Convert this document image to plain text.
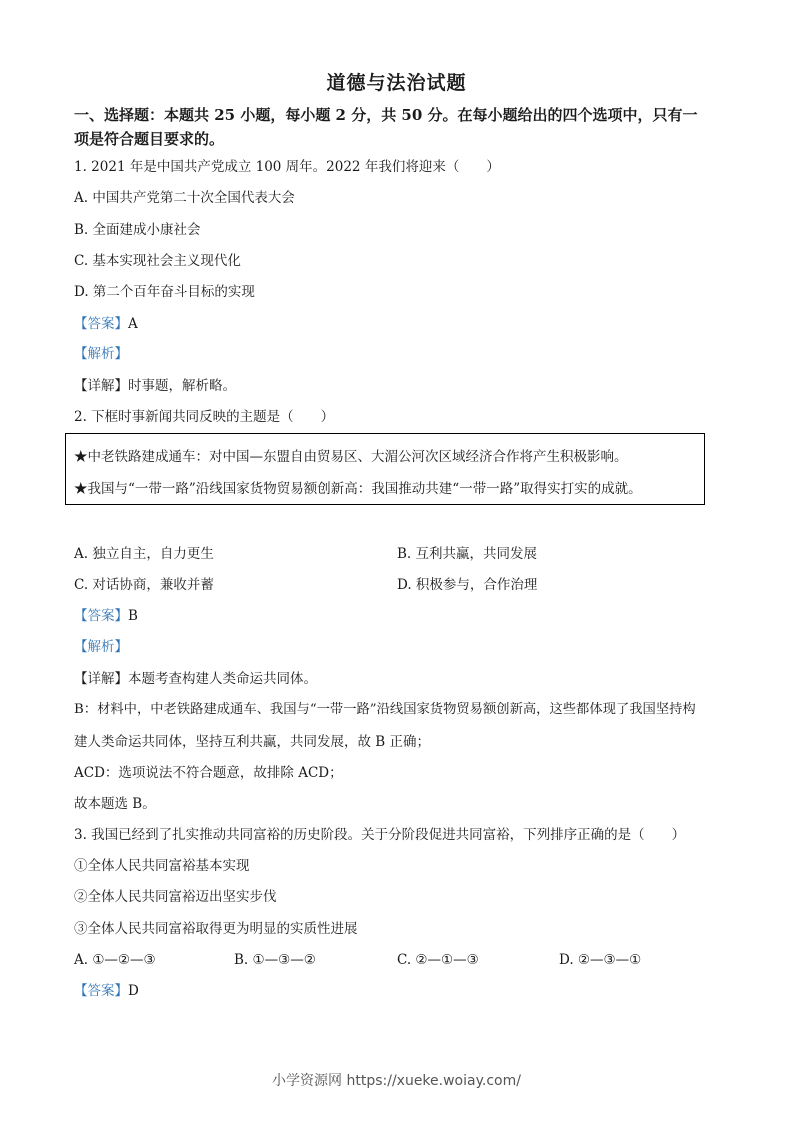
道德与法治试题
一、选择题：本题共 25 小题，每小题 2 分，共 50 分。在每小题给出的四个选项中，只有一
项是符合题目要求的。
1. 2021 年是中国共产党成立 100 周年。2022 年我们将迎来（　　）
A. 中国共产党第二十次全国代表大会
B. 全面建成小康社会
C. 基本实现社会主义现代化
D. 第二个百年奋斗目标的实现
【答案】A
【解析】
【详解】时事题，解析略。
2. 下框时事新闻共同反映的主题是（　　）
★中老铁路建成通车：对中国—东盟自由贸易区、大湄公河次区域经济合作将产生积极影响。
★我国与“一带一路”沿线国家货物贸易额创新高：我国推动共建“一带一路”取得实打实的成就。
A. 独立自主，自力更生	B. 互利共赢，共同发展
C. 对话协商，兼收并蓄	D. 积极参与，合作治理
【答案】B
【解析】
【详解】本题考查构建人类命运共同体。
B：材料中，中老铁路建成通车、我国与“一带一路”沿线国家货物贸易额创新高，这些都体现了我国坚持构
建人类命运共同体，坚持互利共赢，共同发展，故 B 正确；
ACD：选项说法不符合题意，故排除 ACD；
故本题选 B。
3. 我国已经到了扎实推动共同富裕的历史阶段。关于分阶段促进共同富裕，下列排序正确的是（　　）
①全体人民共同富裕基本实现
②全体人民共同富裕迈出坚实步伐
③全体人民共同富裕取得更为明显的实质性进展
A. ①—②—③	B. ①—③—②	C. ②—①—③	D. ②—③—①
【答案】D
小学资源网 https://xueke.woiay.com/
